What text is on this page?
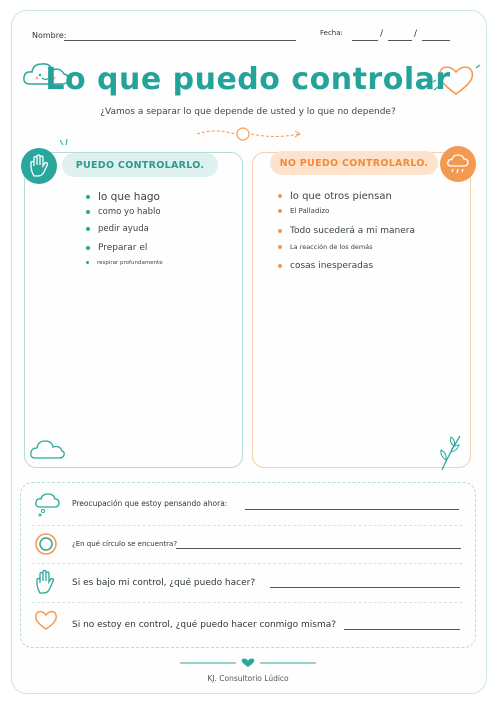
Nombre:	Fecha:	/	/
Lo que puedo controlar
¿Vamos a separar lo que depende de usted y lo que no depende?
PUEDO CONTROLARLO.
lo que hago
como yo hablo
pedir ayuda
Preparar el
respirar profundamente
NO PUEDO CONTROLARLO.
lo que otros piensan
El Palladizo
Todo sucederá a mi manera
La reacción de los demás
cosas inesperadas
Preocupación que estoy pensando ahora:
¿En qué círculo se encuentra?
Si es bajo mi control, ¿qué puedo hacer?
Si no estoy en control, ¿qué puedo hacer conmigo misma?
KJ. Consultorio Lúdico
